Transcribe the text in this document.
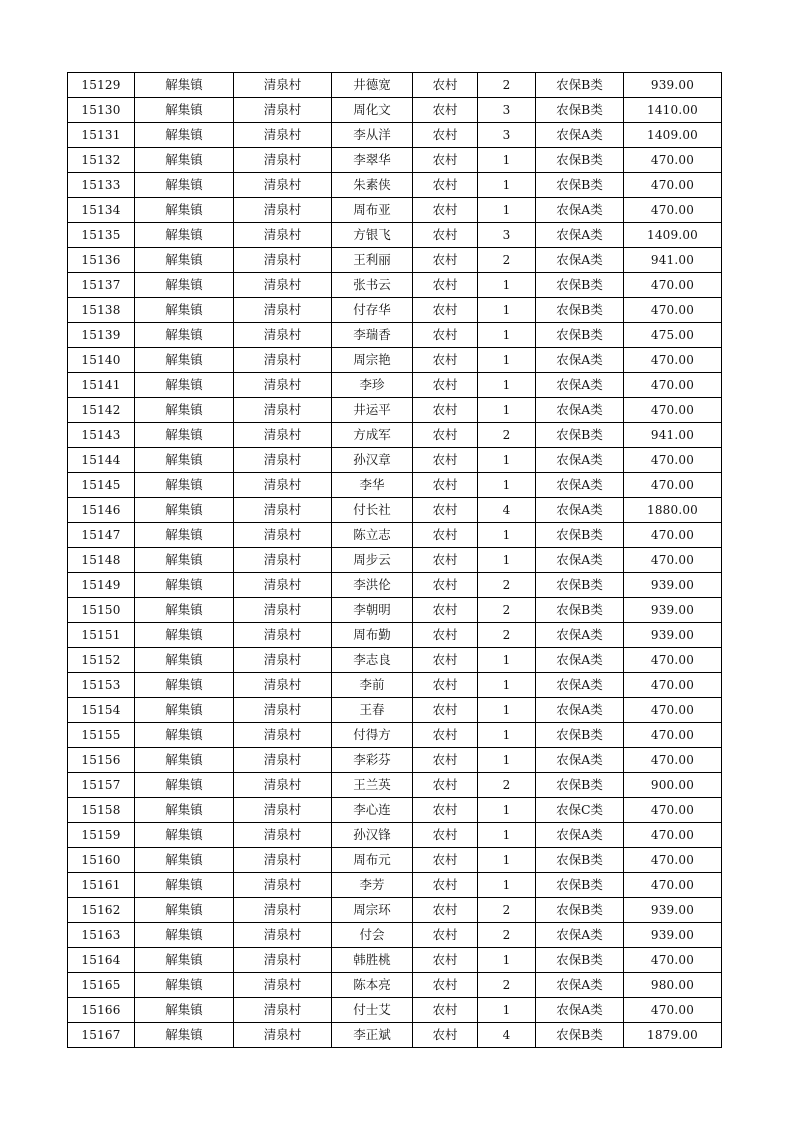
15129	解集镇	清泉村	井德宽	农村	2	农保B类	939.00
15130	解集镇	清泉村	周化文	农村	3	农保B类	1410.00
15131	解集镇	清泉村	李从洋	农村	3	农保A类	1409.00
15132	解集镇	清泉村	李翠华	农村	1	农保B类	470.00
15133	解集镇	清泉村	朱素侠	农村	1	农保B类	470.00
15134	解集镇	清泉村	周布亚	农村	1	农保A类	470.00
15135	解集镇	清泉村	方银飞	农村	3	农保A类	1409.00
15136	解集镇	清泉村	王利丽	农村	2	农保A类	941.00
15137	解集镇	清泉村	张书云	农村	1	农保B类	470.00
15138	解集镇	清泉村	付存华	农村	1	农保B类	470.00
15139	解集镇	清泉村	李瑞香	农村	1	农保B类	475.00
15140	解集镇	清泉村	周宗艳	农村	1	农保A类	470.00
15141	解集镇	清泉村	李珍	农村	1	农保A类	470.00
15142	解集镇	清泉村	井运平	农村	1	农保A类	470.00
15143	解集镇	清泉村	方成军	农村	2	农保B类	941.00
15144	解集镇	清泉村	孙汉章	农村	1	农保A类	470.00
15145	解集镇	清泉村	李华	农村	1	农保A类	470.00
15146	解集镇	清泉村	付长社	农村	4	农保A类	1880.00
15147	解集镇	清泉村	陈立志	农村	1	农保B类	470.00
15148	解集镇	清泉村	周步云	农村	1	农保A类	470.00
15149	解集镇	清泉村	李洪伦	农村	2	农保B类	939.00
15150	解集镇	清泉村	李朝明	农村	2	农保B类	939.00
15151	解集镇	清泉村	周布勤	农村	2	农保A类	939.00
15152	解集镇	清泉村	李志良	农村	1	农保A类	470.00
15153	解集镇	清泉村	李前	农村	1	农保A类	470.00
15154	解集镇	清泉村	王春	农村	1	农保A类	470.00
15155	解集镇	清泉村	付得方	农村	1	农保B类	470.00
15156	解集镇	清泉村	李彩芬	农村	1	农保A类	470.00
15157	解集镇	清泉村	王兰英	农村	2	农保B类	900.00
15158	解集镇	清泉村	李心连	农村	1	农保C类	470.00
15159	解集镇	清泉村	孙汉锋	农村	1	农保A类	470.00
15160	解集镇	清泉村	周布元	农村	1	农保B类	470.00
15161	解集镇	清泉村	李芳	农村	1	农保B类	470.00
15162	解集镇	清泉村	周宗环	农村	2	农保B类	939.00
15163	解集镇	清泉村	付会	农村	2	农保A类	939.00
15164	解集镇	清泉村	韩胜桃	农村	1	农保B类	470.00
15165	解集镇	清泉村	陈本亮	农村	2	农保A类	980.00
15166	解集镇	清泉村	付士艾	农村	1	农保A类	470.00
15167	解集镇	清泉村	李正斌	农村	4	农保B类	1879.00
